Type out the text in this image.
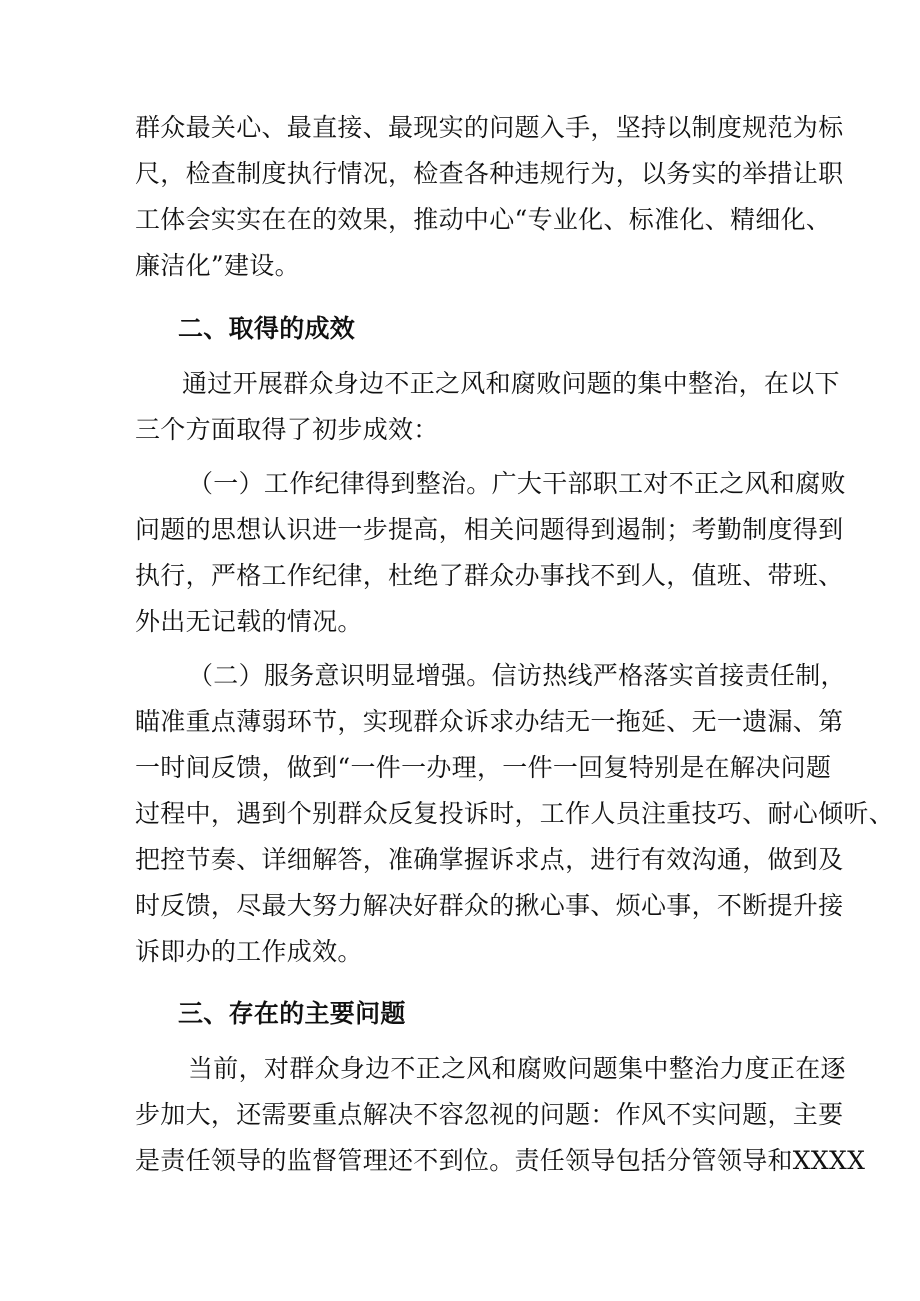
群众最关心、最直接、最现实的问题入手，坚持以制度规范为标
尺，检查制度执行情况，检查各种违规行为，以务实的举措让职
工体会实实在在的效果，推动中心“专业化、标准化、精细化、
廉洁化”建设。
二、取得的成效
通过开展群众身边不正之风和腐败问题的集中整治，在以下
三个方面取得了初步成效：
（一）工作纪律得到整治。广大干部职工对不正之风和腐败
问题的思想认识进一步提高，相关问题得到遏制；考勤制度得到
执行，严格工作纪律，杜绝了群众办事找不到人，值班、带班、
外出无记载的情况。
（二）服务意识明显增强。信访热线严格落实首接责任制，
瞄准重点薄弱环节，实现群众诉求办结无一拖延、无一遗漏、第
一时间反馈，做到“一件一办理，一件一回复特别是在解决问题
过程中，遇到个别群众反复投诉时，工作人员注重技巧、耐心倾听、
把控节奏、详细解答，准确掌握诉求点，进行有效沟通，做到及
时反馈，尽最大努力解决好群众的揪心事、烦心事，不断提升接
诉即办的工作成效。
三、存在的主要问题
当前，对群众身边不正之风和腐败问题集中整治力度正在逐
步加大，还需要重点解决不容忽视的问题：作风不实问题，主要
是责任领导的监督管理还不到位。责任领导包括分管领导和XXXX
